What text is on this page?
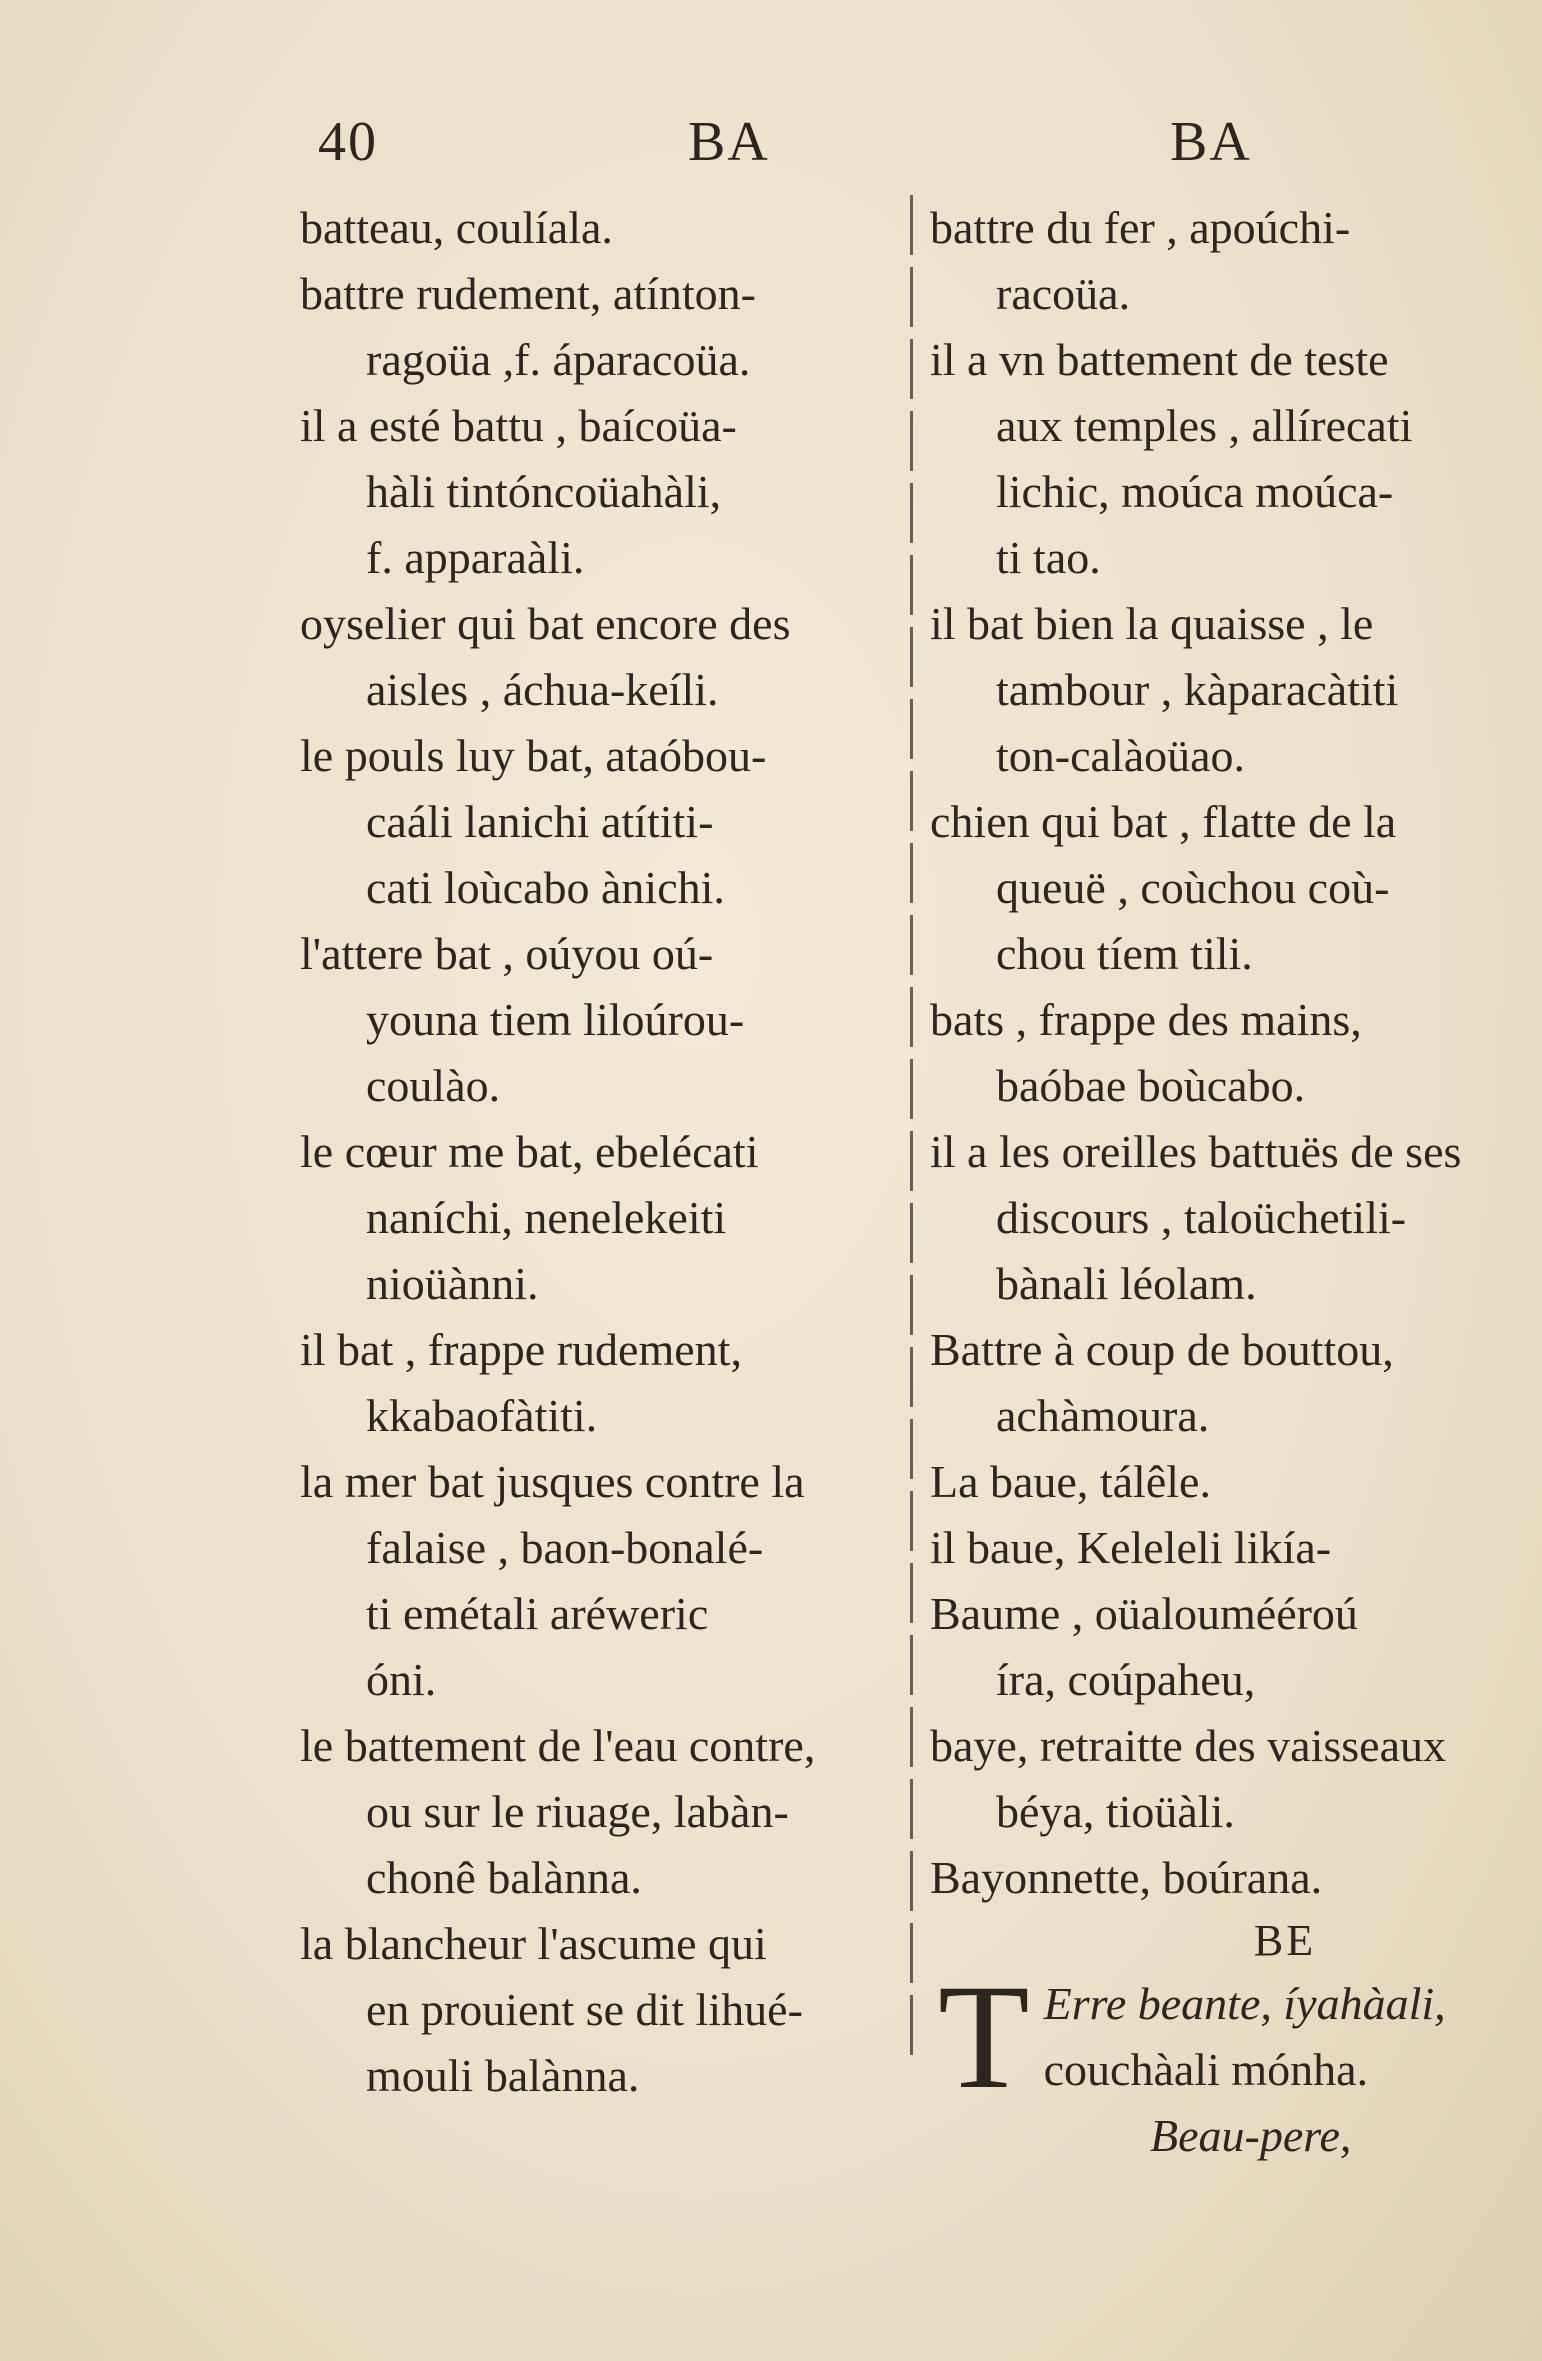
40	BA	BA
batteau, coulíala.
battre rudement, atínton-
ragoüa ,f. áparacoüa.
il a esté battu , baícoüa-
hàli tintóncoüahàli,
f. apparaàli.
oyselier qui bat encore des
aisles , áchua-keíli.
le pouls luy bat, ataóbou-
caáli lanichi atítiti-
cati loùcabo ànichi.
l'attere bat , oúyou oú-
youna tiem liloúrou-
coulào.
le cœur me bat, ebelécati
naníchi, nenelekeiti
nioüànni.
il bat , frappe rudement,
kkabaofàtiti.
la mer bat jusques contre la
falaise , baon-bonalé-
ti emétali aréweric
óni.
le battement de l'eau contre,
ou sur le riuage, labàn-
chonê balànna.
la blancheur l'ascume qui
en prouient se dit lihué-
mouli balànna.
battre du fer , apoúchi-
racoüa.
il a vn battement de teste
aux temples , allírecati
lichic, moúca moúca-
ti tao.
il bat bien la quaisse , le
tambour , kàparacàtiti
ton-calàoüao.
chien qui bat , flatte de la
queuë , coùchou coù-
chou tíem tili.
bats , frappe des mains,
baóbae boùcabo.
il a les oreilles battuës de ses
discours , taloüchetili-
bànali léolam.
Battre à coup de bouttou,
achàmoura.
La baue, tálêle.
il baue, Keleleli likía-
Baume , oüaloumééroú
íra, coúpaheu,
baye, retraitte des vaisseaux
béya, tioüàli.
Bayonnette, boúrana.
BE
T Erre beante, íyahàali,
couchàali mónha.
Beau-pere,
